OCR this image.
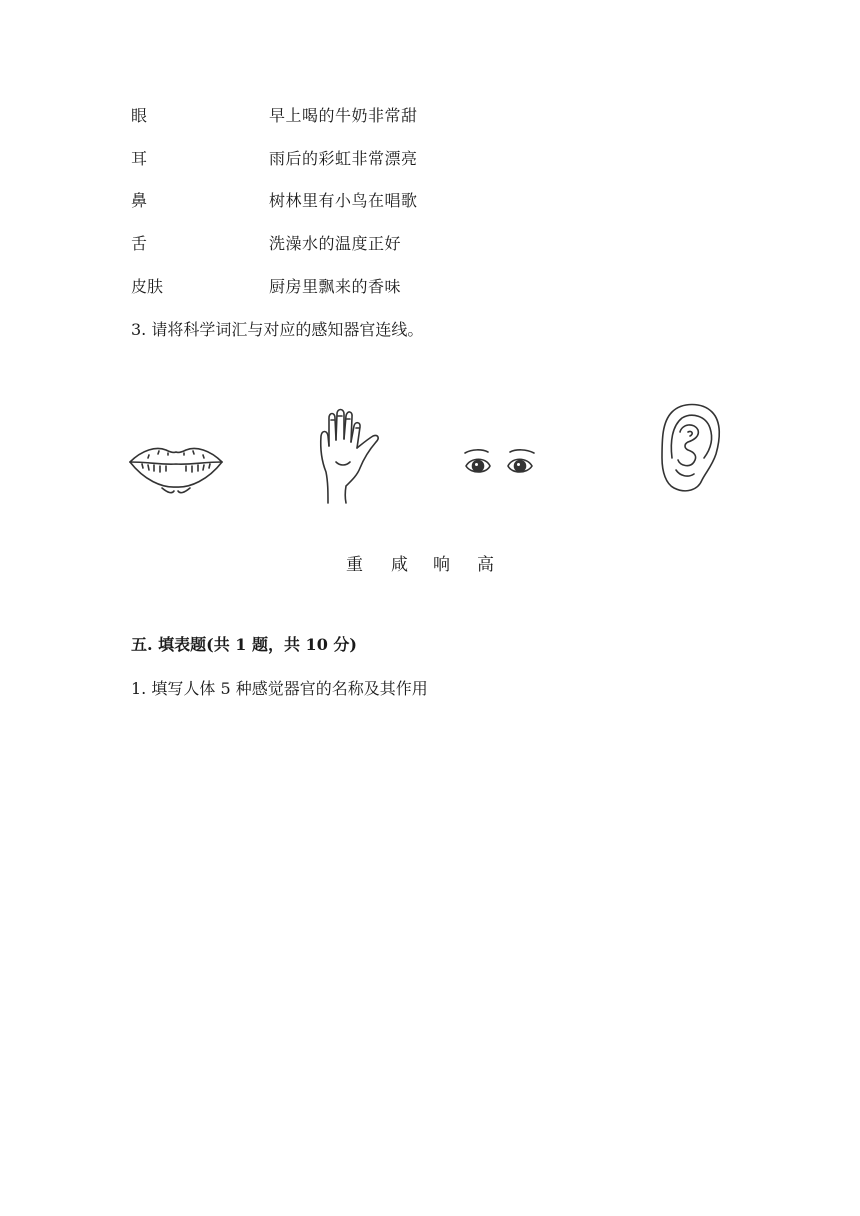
眼	早上喝的牛奶非常甜
耳	雨后的彩虹非常漂亮
鼻	树林里有小鸟在唱歌
舌	洗澡水的温度正好
皮肤	厨房里飘来的香味
3. 请将科学词汇与对应的感知器官连线。
重 咸 响 高
五. 填表题(共 1 题，共 10 分)
1. 填写人体 5 种感觉器官的名称及其作用
